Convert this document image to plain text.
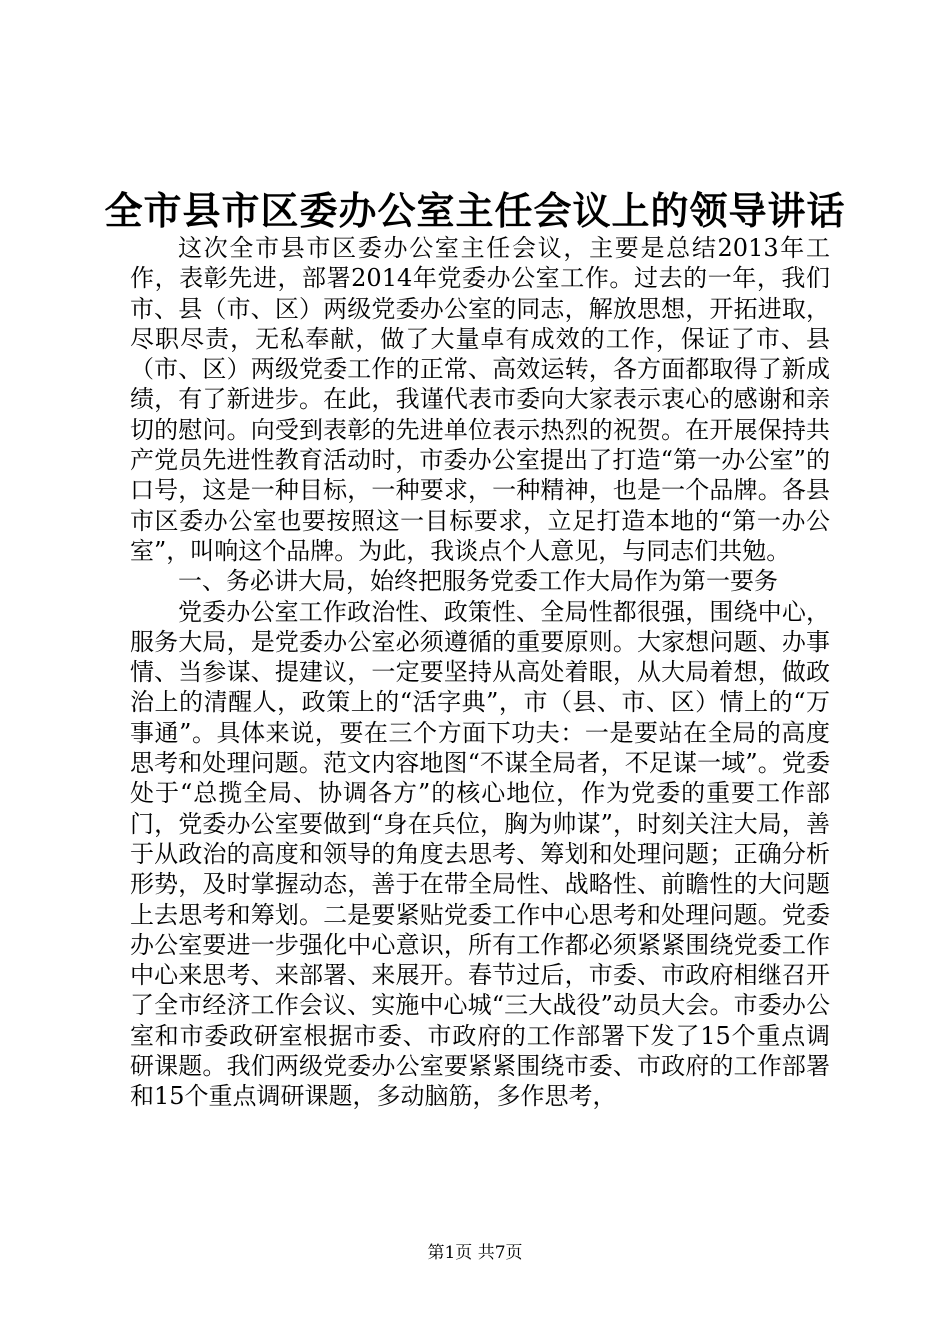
全市县市区委办公室主任会议上的领导讲话

这次全市县市区委办公室主任会议，主要是总结2013年工作，表彰先进，部署2014年党委办公室工作。过去的一年，我们市、县（市、区）两级党委办公室的同志，解放思想，开拓进取，尽职尽责，无私奉献，做了大量卓有成效的工作，保证了市、县（市、区）两级党委工作的正常、高效运转，各方面都取得了新成绩，有了新进步。在此，我谨代表市委向大家表示衷心的感谢和亲切的慰问。向受到表彰的先进单位表示热烈的祝贺。在开展保持共产党员先进性教育活动时，市委办公室提出了打造“第一办公室”的口号，这是一种目标，一种要求，一种精神，也是一个品牌。各县市区委办公室也要按照这一目标要求，立足打造本地的“第一办公室”，叫响这个品牌。为此，我谈点个人意见，与同志们共勉。

一、务必讲大局，始终把服务党委工作大局作为第一要务

党委办公室工作政治性、政策性、全局性都很强，围绕中心，服务大局，是党委办公室必须遵循的重要原则。大家想问题、办事情、当参谋、提建议，一定要坚持从高处着眼，从大局着想，做政治上的清醒人，政策上的“活字典”，市（县、市、区）情上的“万事通”。具体来说，要在三个方面下功夫：一是要站在全局的高度思考和处理问题。范文内容地图“不谋全局者，不足谋一域”。党委处于“总揽全局、协调各方”的核心地位，作为党委的重要工作部门，党委办公室要做到“身在兵位，胸为帅谋”，时刻关注大局，善于从政治的高度和领导的角度去思考、筹划和处理问题；正确分析形势，及时掌握动态，善于在带全局性、战略性、前瞻性的大问题上去思考和筹划。二是要紧贴党委工作中心思考和处理问题。党委办公室要进一步强化中心意识，所有工作都必须紧紧围绕党委工作中心来思考、来部署、来展开。春节过后，市委、市政府相继召开了全市经济工作会议、实施中心城“三大战役”动员大会。市委办公室和市委政研室根据市委、市政府的工作部署下发了15个重点调研课题。我们两级党委办公室要紧紧围绕市委、市政府的工作部署和15个重点调研课题，多动脑筋，多作思考，

第1页 共7页
